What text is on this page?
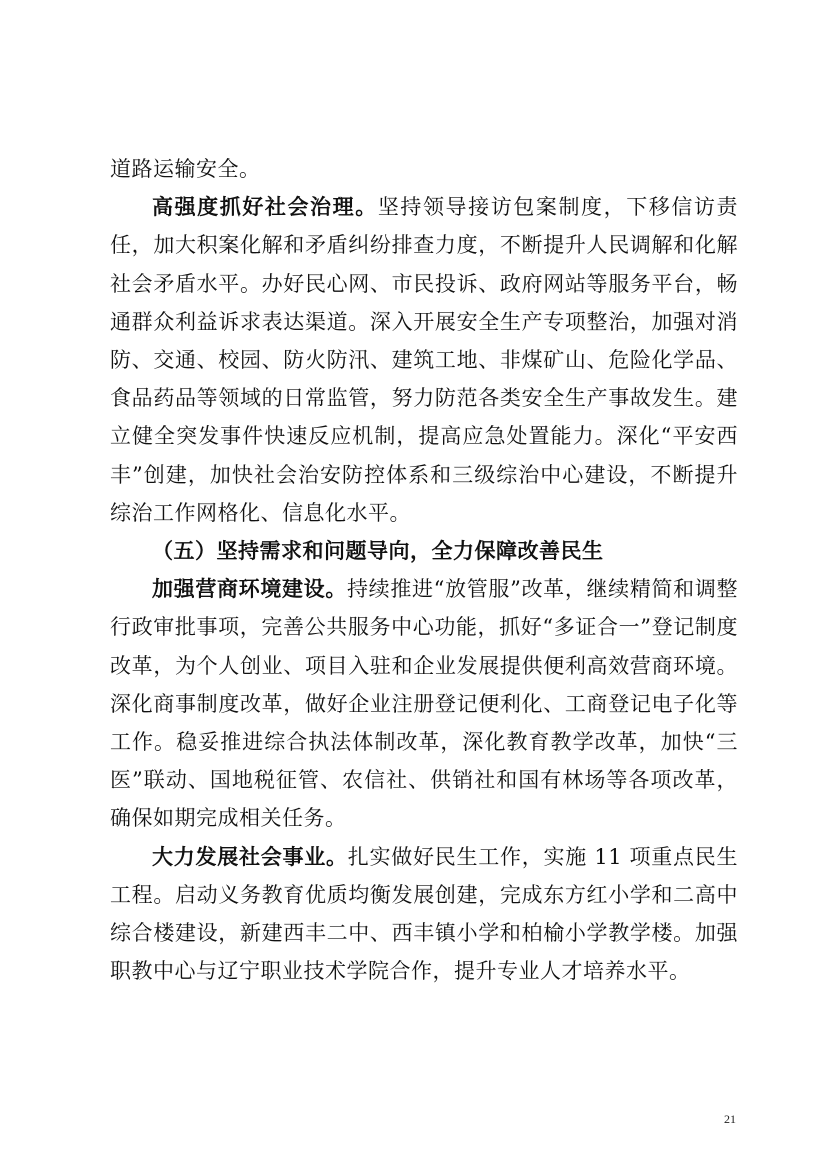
道路运输安全。

高强度抓好社会治理。坚持领导接访包案制度，下移信访责任，加大积案化解和矛盾纠纷排查力度，不断提升人民调解和化解社会矛盾水平。办好民心网、市民投诉、政府网站等服务平台，畅通群众利益诉求表达渠道。深入开展安全生产专项整治，加强对消防、交通、校园、防火防汛、建筑工地、非煤矿山、危险化学品、食品药品等领域的日常监管，努力防范各类安全生产事故发生。建立健全突发事件快速反应机制，提高应急处置能力。深化“平安西丰”创建，加快社会治安防控体系和三级综治中心建设，不断提升综治工作网格化、信息化水平。

（五）坚持需求和问题导向，全力保障改善民生

加强营商环境建设。持续推进“放管服”改革，继续精简和调整行政审批事项，完善公共服务中心功能，抓好“多证合一”登记制度改革，为个人创业、项目入驻和企业发展提供便利高效营商环境。深化商事制度改革，做好企业注册登记便利化、工商登记电子化等工作。稳妥推进综合执法体制改革，深化教育教学改革，加快“三医”联动、国地税征管、农信社、供销社和国有林场等各项改革，确保如期完成相关任务。

大力发展社会事业。扎实做好民生工作，实施 11 项重点民生工程。启动义务教育优质均衡发展创建，完成东方红小学和二高中综合楼建设，新建西丰二中、西丰镇小学和柏榆小学教学楼。加强职教中心与辽宁职业技术学院合作，提升专业人才培养水平。

21
